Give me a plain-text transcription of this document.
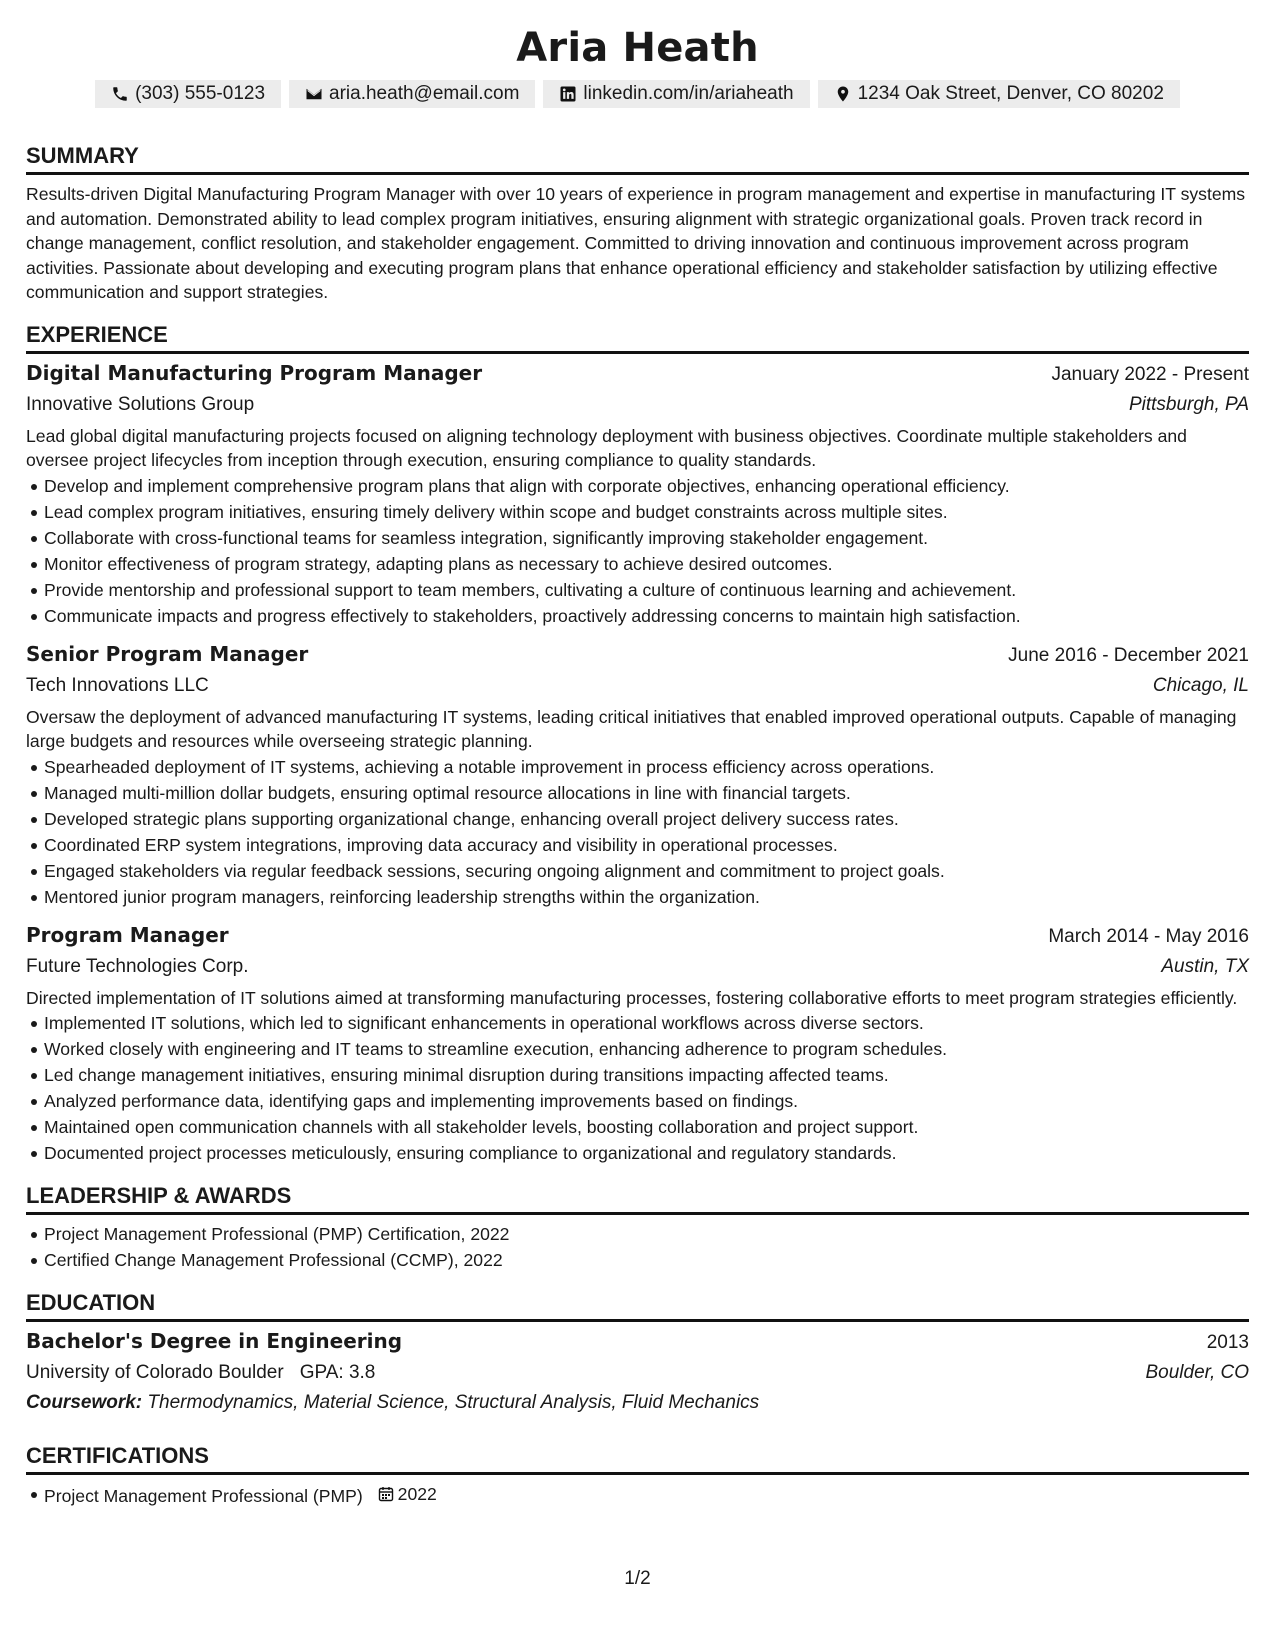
Aria Heath
(303) 555-0123	aria.heath@email.com	linkedin.com/in/ariaheath	1234 Oak Street, Denver, CO 80202
SUMMARY
Results-driven Digital Manufacturing Program Manager with over 10 years of experience in program management and expertise in manufacturing IT systems and automation. Demonstrated ability to lead complex program initiatives, ensuring alignment with strategic organizational goals. Proven track record in change management, conflict resolution, and stakeholder engagement. Committed to driving innovation and continuous improvement across program activities. Passionate about developing and executing program plans that enhance operational efficiency and stakeholder satisfaction by utilizing effective communication and support strategies.
EXPERIENCE
Digital Manufacturing Program Manager	January 2022 - Present
Innovative Solutions Group	Pittsburgh, PA
Lead global digital manufacturing projects focused on aligning technology deployment with business objectives. Coordinate multiple stakeholders and oversee project lifecycles from inception through execution, ensuring compliance to quality standards.
Develop and implement comprehensive program plans that align with corporate objectives, enhancing operational efficiency.
Lead complex program initiatives, ensuring timely delivery within scope and budget constraints across multiple sites.
Collaborate with cross-functional teams for seamless integration, significantly improving stakeholder engagement.
Monitor effectiveness of program strategy, adapting plans as necessary to achieve desired outcomes.
Provide mentorship and professional support to team members, cultivating a culture of continuous learning and achievement.
Communicate impacts and progress effectively to stakeholders, proactively addressing concerns to maintain high satisfaction.
Senior Program Manager	June 2016 - December 2021
Tech Innovations LLC	Chicago, IL
Oversaw the deployment of advanced manufacturing IT systems, leading critical initiatives that enabled improved operational outputs. Capable of managing large budgets and resources while overseeing strategic planning.
Spearheaded deployment of IT systems, achieving a notable improvement in process efficiency across operations.
Managed multi-million dollar budgets, ensuring optimal resource allocations in line with financial targets.
Developed strategic plans supporting organizational change, enhancing overall project delivery success rates.
Coordinated ERP system integrations, improving data accuracy and visibility in operational processes.
Engaged stakeholders via regular feedback sessions, securing ongoing alignment and commitment to project goals.
Mentored junior program managers, reinforcing leadership strengths within the organization.
Program Manager	March 2014 - May 2016
Future Technologies Corp.	Austin, TX
Directed implementation of IT solutions aimed at transforming manufacturing processes, fostering collaborative efforts to meet program strategies efficiently.
Implemented IT solutions, which led to significant enhancements in operational workflows across diverse sectors.
Worked closely with engineering and IT teams to streamline execution, enhancing adherence to program schedules.
Led change management initiatives, ensuring minimal disruption during transitions impacting affected teams.
Analyzed performance data, identifying gaps and implementing improvements based on findings.
Maintained open communication channels with all stakeholder levels, boosting collaboration and project support.
Documented project processes meticulously, ensuring compliance to organizational and regulatory standards.
LEADERSHIP & AWARDS
Project Management Professional (PMP) Certification, 2022
Certified Change Management Professional (CCMP), 2022
EDUCATION
Bachelor's Degree in Engineering	2013
University of Colorado Boulder GPA: 3.8	Boulder, CO
Coursework: Thermodynamics, Material Science, Structural Analysis, Fluid Mechanics
CERTIFICATIONS
Project Management Professional (PMP) 2022
1/2
